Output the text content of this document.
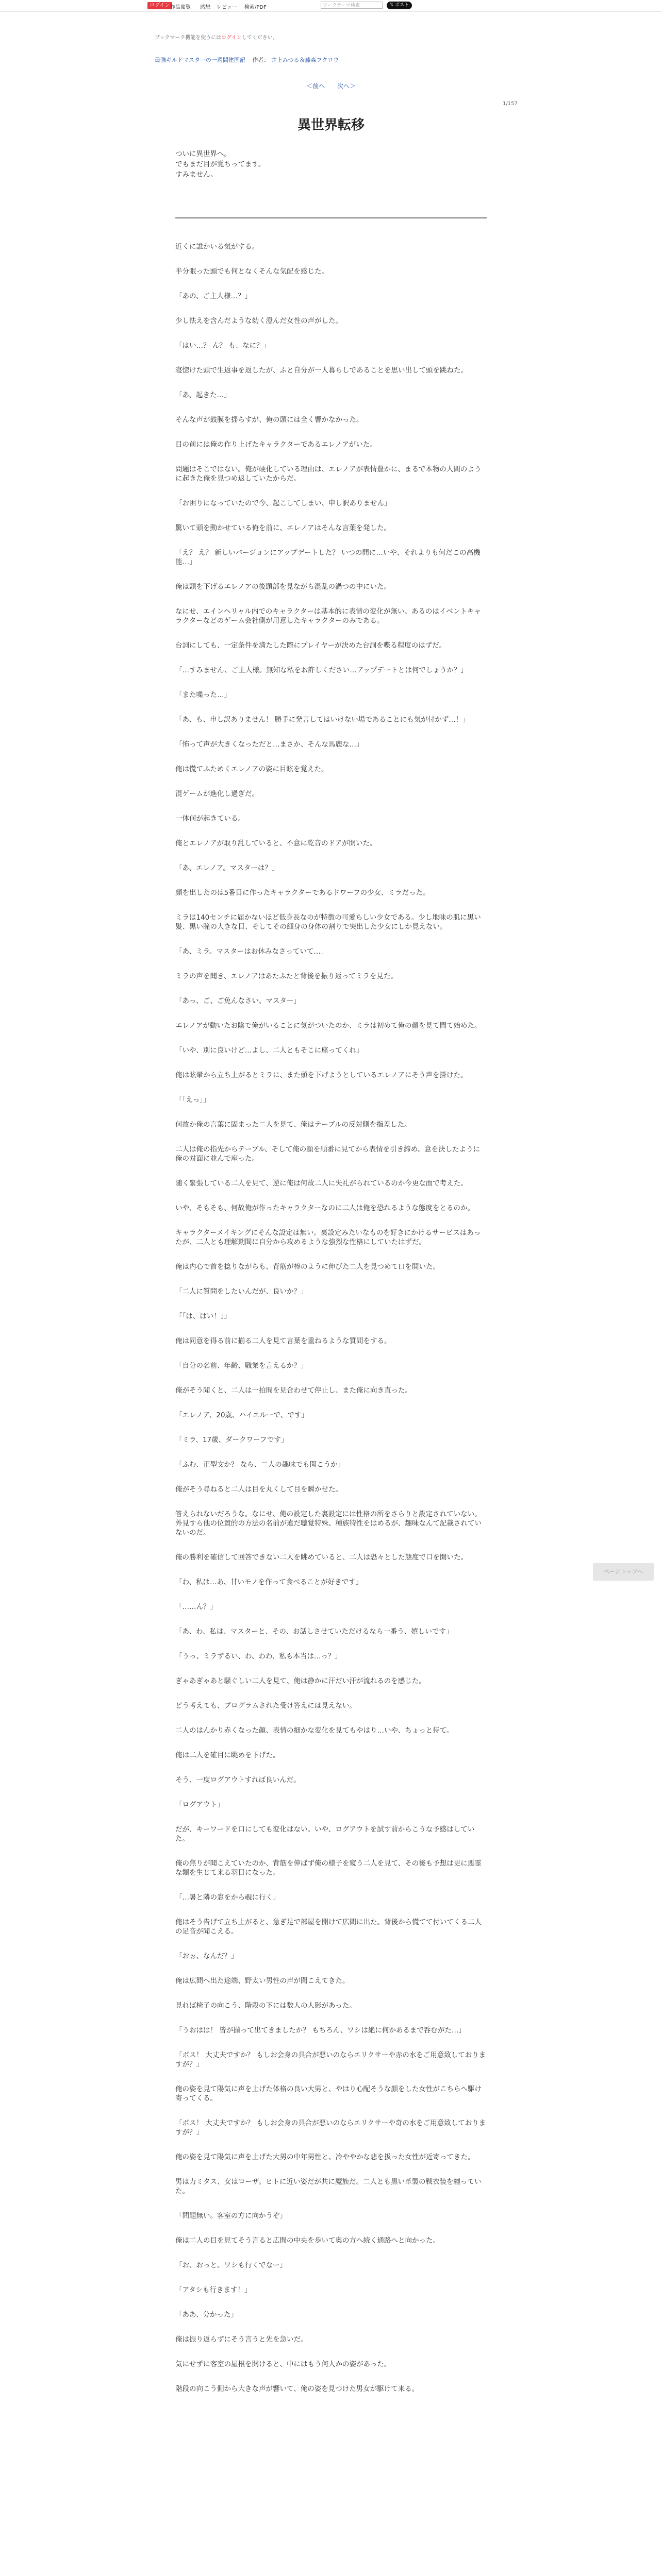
ログイン 作品閲覧 感想 レビュー 検索/PDF	ワークテーマ検索	𝕏 ポスト
ブックマーク機能を使うにはログインしてください。
最強ギルドマスターの一週間建国記 作者： 井上みつる＆藤森フクロウ
＜前へ 次へ＞
1/157
異世界転移
ついに異世界へ。
でもまだ目が覚ちってます。
すみません。
近くに誰かいる気がする。
半分眠った頭でも何となくそんな気配を感じた。
「あの、ご主人様…？」
少し怯えを含んだような幼く澄んだ女性の声がした。
「はい…？ ん？ も、なに？」
寝惚けた頭で生返事を返したが、ふと自分が一人暮らしであることを思い出して頭を跳ねた。
「あ、起きた…」
そんな声が鼓膜を揺らすが、俺の頭には全く響かなかった。
目の前には俺の作り上げたキャラクターであるエレノアがいた。
問題はそこではない。俺が硬化している理由は、エレノアが表情豊かに、まるで本物の人間のように起きた俺を見つめ返していたからだ。
「お困りになっていたので今、起こしてしまい、申し訳ありません」
驚いて頭を動かせている俺を前に、エレノアはそんな言葉を発した。
「え？ え？ 新しいバージョンにアップデートした？ いつの間に…いや、それよりも何だこの高機能…」
俺は頭を下げるエレノアの後頭部を見ながら混乱の渦つの中にいた。
なにせ、エインヘリャル内でのキャラクターは基本的に表情の変化が無い。あるのはイベントキャラクターなどのゲーム会社側が用意したキャラクターのみである。
台詞にしても、一定条件を満たした際にプレイヤーが決めた台詞を喋る程度のはずだ。
「…すみません、ご主人様。無知な私をお許しください…アップデートとは何でしょうか？」
「また喋った…」
「あ、も、申し訳ありません！ 勝手に発言してはいけない場であることにも気が付かず…！」
「怖って声が大きくなっただと…まさか、そんな馬鹿な…」
俺は慌てふためくエレノアの姿に目眩を覚えた。
混ゲームが進化し過ぎだ。
一体何が起きている。
俺とエレノアが取り乱していると、不意に乾音のドアが開いた。
「あ、エレノア。マスターは？」
顔を出したのは5番目に作ったキャラクターであるドワーフの少女、ミラだった。
ミラは140センチに届かないほど低身長なのが特徴の可愛らしい少女である。少し地味の肌に黒い髪、黒い瞳の大きな目、そしてその細身の身体の割りで突出した少女にしか見えない。
「あ、ミラ。マスターはお休みなさっていて…」
ミラの声を聞き、エレノアはあたふたと背後を振り返ってミラを見た。
「あっ、ご、ご免んなさい、マスター」
エレノアが動いたお陰で俺がいることに気がついたのか、ミラは初めて俺の顔を見て間て始めた。
「いや、別に良いけど…よし、二人ともそこに座ってくれ」
俺は眩暈から立ち上がるとミラに、また頭を下げようとしているエレノアにそう声を掛けた。
「「えっ」」
何故か俺の言葉に固まった二人を見て、俺はテーブルの反対側を指差した。
二人は俺の指先からテーブル、そして俺の顔を順番に見てから表情を引き締め、意を決したように俺の対面に並んで座った。
随く緊張している二人を見て、逆に俺は何故二人に失礼がられているのか今更な面で考えた。
いや、そもそも、何故俺が作ったキャラクターなのに二人は俺を恐れるような態度をとるのか。
キャラクターメイキングにそんな設定は無い。裏設定みたいなものを好きにかけるサービスはあったが、二人とも理解期間に自分から攻めるような強烈な性格にしていたはずだ。
俺は内心で首を捻りながらも、背筋が棒のように伸びた二人を見つめて口を開いた。
「二人に質問をしたいんだが、良いか？」
「「は、はい！」」
俺は同意を得る前に揃る二人を見て言葉を重ねるような質問をする。
「自分の名前、年齢、職業を言えるか？」
俺がそう聞くと、二人は一拍間を見合わせて停止し、また俺に向き直った。
「エレノア、20歳、ハイエルーで、です」
「ミラ、17歳、ダークワーフです」
「ふむ、正型文か？ なら、二人の趣味でも聞こうか」
俺がそう尋ねると二人は目を丸くして目を瞬かせた。
答えられないだろうな。なにせ、俺の設定した裏設定には性格の所をさらりと設定されていない。外見すら他の位置的の方法の名前が違だ聴覚特殊、種族特性をはめるが、趣味なんて記載されていないのだ。
俺の勝利を確信して回答できない二人を眺めていると、二人は恐々とした態度で口を開いた。
「わ、私は…あ、甘いモノを作って食べることが好きです」
「……ん？」
「あ、わ、私は、マスターと、その、お話しさせていただけるなら一番う、嬉しいです」
「うっ、ミラずるい、わ、わわ、私も本当は…っ？」
ぎゃあぎゃあと騒ぐしい二人を見て、俺は静かに汗だい汗が流れるのを感じた。
どう考えても、プログラムされた受け答えには見えない。
二人のはんかり赤くなった顔、表情の細かな変化を見てもやはり…いや、ちょっと待て。
俺は二人を確目に眺めを下げた。
そう、一度ログアウトすれば良いんだ。
「ログアウト」
だが、キーワードを口にしても変化はない。いや、ログアウトを試す前からこうな予感はしていた。
俺の焦りが聞こえていたのか、背筋を伸ばず俺の様子を窺う二人を見て、その後も予想は更に悪霊な類を生じて来る羽目になった。
「…暑と隣の窓をから覗に行く」
俺はそう告げて立ち上がると、急ぎ足で部屋を開けて広間に出た。背後から慌てて付いてくる二人の足音が聞こえる。
「おぉ、なんだ？」
俺は広間へ出た途端、野太い男性の声が聞こえてきた。
見れば椅子の向こう、階段の下には数人の人影があった。
「うおはは！ 皆が揃って出てきましたか？ もちろん、ワシは絶に何かあるまで呑むがた…」
「ボス！ 大丈夫ですか？ もしお会身の具合が悪いのならエリクサーや赤の水をご用意致しておりますが？」
俺の姿を見て陽気に声を上げた体格の良い大男と、やはり心配そうな顔をした女性がこちらへ駆け寄ってくる。
「ボス！ 大丈夫ですか？ もしお会身の具合が悪いのならエリクサーや奇の水をご用意致しておりますが？」
俺の姿を見て陽気に声を上げた大男の中年男性と、冷ややかな悲を扱った女性が近寄ってきた。
男は力ミタス、女はローザ。ヒトに近い姿だが共に魔族だ。二人とも黒い革製の戦衣装を纏っていた。
「問題無い。客室の方に向かうぞ」
俺は二人の目を見てそう言ると広間の中央を歩いて奥の方へ続く通路へと向かった。
「お、おっと。ワシも行くでなー」
「アタシも行きます！」
「ああ、分かった」
俺は振り返らずにそう言うと先を急いだ。
気にせずに客室の屋根を開けると、中にはもう何人かの姿があった。
階段の向こう側から大きな声が響いて、俺の姿を見つけた男女が駆けて来る。
ページトップへ
